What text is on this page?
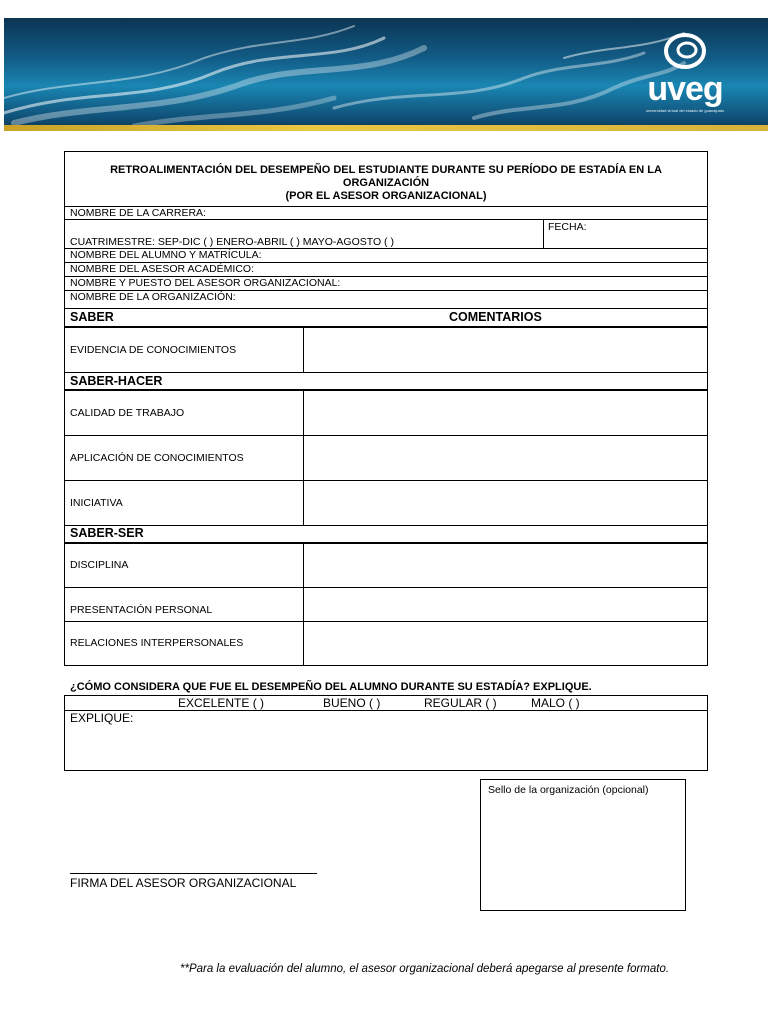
uveg
universidad virtual del estado de guanajuato
RETROALIMENTACIÓN DEL DESEMPEÑO DEL ESTUDIANTE DURANTE SU PERÍODO DE ESTADÍA EN LA
ORGANIZACIÓN
(POR EL ASESOR ORGANIZACIONAL)
NOMBRE DE LA CARRERA:
FECHA:
CUATRIMESTRE: SEP-DIC ( ) ENERO-ABRIL ( ) MAYO-AGOSTO ( )
NOMBRE DEL ALUMNO Y MATRÍCULA:
NOMBRE DEL ASESOR ACADÉMICO:
NOMBRE Y PUESTO DEL ASESOR ORGANIZACIONAL:
NOMBRE DE LA ORGANIZACIÓN:
SABER	COMENTARIOS
EVIDENCIA DE CONOCIMIENTOS
SABER-HACER
CALIDAD DE TRABAJO
APLICACIÓN DE CONOCIMIENTOS
INICIATIVA
SABER-SER
DISCIPLINA
PRESENTACIÓN PERSONAL
RELACIONES INTERPERSONALES
¿CÓMO CONSIDERA QUE FUE EL DESEMPEÑO DEL ALUMNO DURANTE SU ESTADÍA? EXPLIQUE.
EXCELENTE ( )	BUENO ( )	REGULAR ( )	MALO ( )
EXPLIQUE:
Sello de la organización (opcional)
FIRMA DEL ASESOR ORGANIZACIONAL
**Para la evaluación del alumno, el asesor organizacional deberá apegarse al presente formato.
